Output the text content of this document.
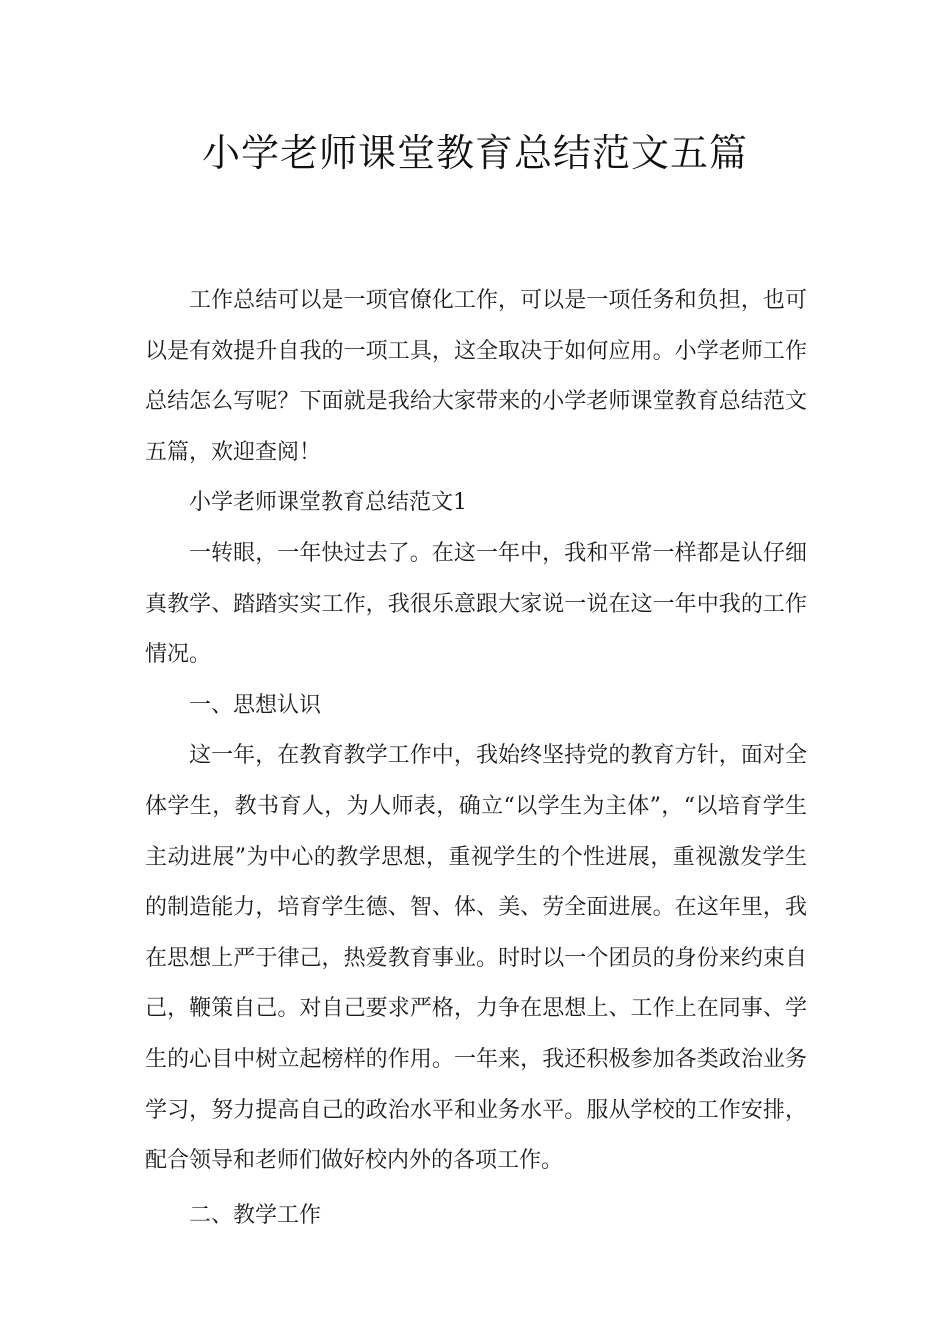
小学老师课堂教育总结范文五篇

工作总结可以是一项官僚化工作，可以是一项任务和负担，也可以是有效提升自我的一项工具，这全取决于如何应用。小学老师工作总结怎么写呢？下面就是我给大家带来的小学老师课堂教育总结范文五篇，欢迎查阅！

小学老师课堂教育总结范文1

一转眼，一年快过去了。在这一年中，我和平常一样都是认仔细真教学、踏踏实实工作，我很乐意跟大家说一说在这一年中我的工作情况。

一、思想认识

这一年，在教育教学工作中，我始终坚持党的教育方针，面对全体学生，教书育人，为人师表，确立“以学生为主体”，“以培育学生主动进展”为中心的教学思想，重视学生的个性进展，重视激发学生的制造能力，培育学生德、智、体、美、劳全面进展。在这年里，我在思想上严于律己，热爱教育事业。时时以一个团员的身份来约束自己，鞭策自己。对自己要求严格，力争在思想上、工作上在同事、学生的心目中树立起榜样的作用。一年来，我还积极参加各类政治业务学习，努力提高自己的政治水平和业务水平。服从学校的工作安排，配合领导和老师们做好校内外的各项工作。

二、教学工作
